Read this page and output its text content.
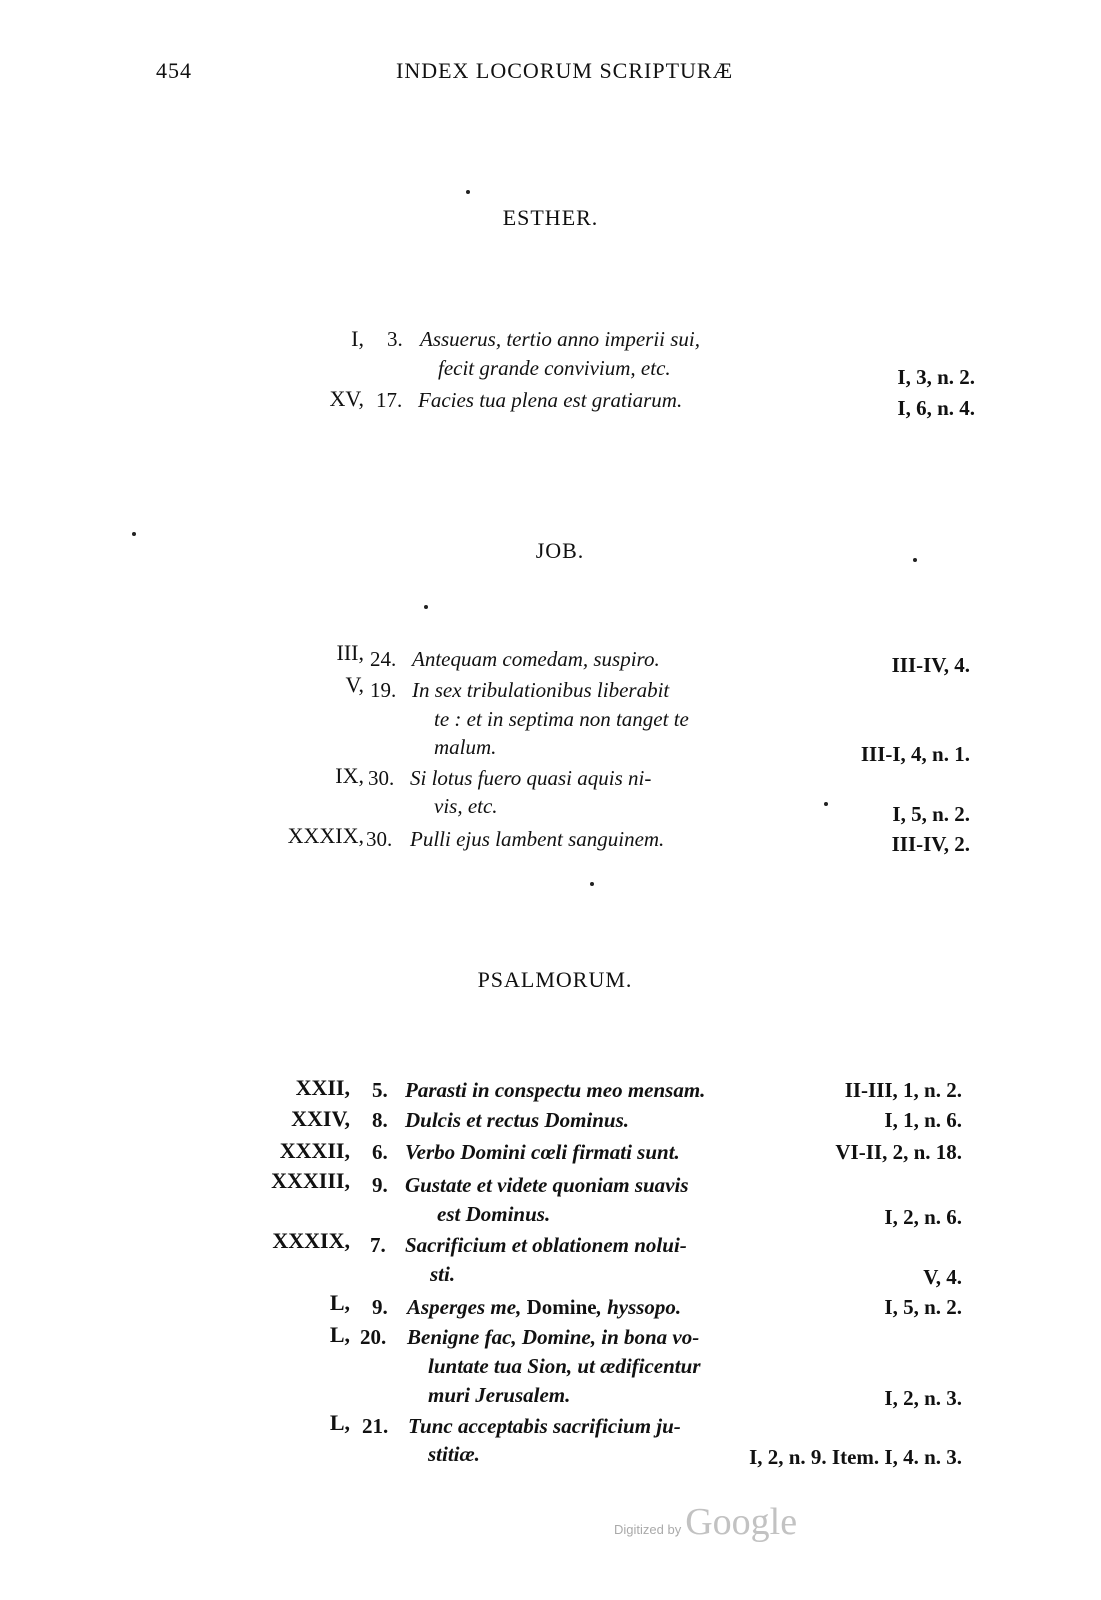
454	INDEX LOCORUM SCRIPTURÆ
ESTHER.
I, 3. Assuerus, tertio anno imperii sui,
fecit grande convivium, etc.	I, 3, n. 2.
XV, 17. Facies tua plena est gratiarum.	I, 6, n. 4.
JOB.
III, 24. Antequam comedam, suspiro.	III-IV, 4.
V, 19. In sex tribulationibus liberabit
te : et in septima non tanget te
malum.	III-I, 4, n. 1.
IX, 30. Si lotus fuero quasi aquis ni-
vis, etc.	I, 5, n. 2.
XXXIX, 30. Pulli ejus lambent sanguinem.	III-IV, 2.
PSALMORUM.
XXII, 5. Parasti in conspectu meo mensam.	II-III, 1, n. 2.
XXIV, 8. Dulcis et rectus Dominus.	I, 1, n. 6.
XXXII, 6. Verbo Domini cœli firmati sunt.	VI-II, 2, n. 18.
XXXIII, 9. Gustate et videte quoniam suavis
est Dominus.	I, 2, n. 6.
XXXIX, 7. Sacrificium et oblationem nolui-
sti.	V, 4.
L, 9. Asperges me, Domine, hyssopo.	I, 5, n. 2.
L, 20. Benigne fac, Domine, in bona vo-
luntate tua Sion, ut ædificentur
muri Jerusalem.	I, 2, n. 3.
L, 21. Tunc acceptabis sacrificium ju-
stitiæ.	I, 2, n. 9. Item. I, 4. n. 3.
Digitized by Google
